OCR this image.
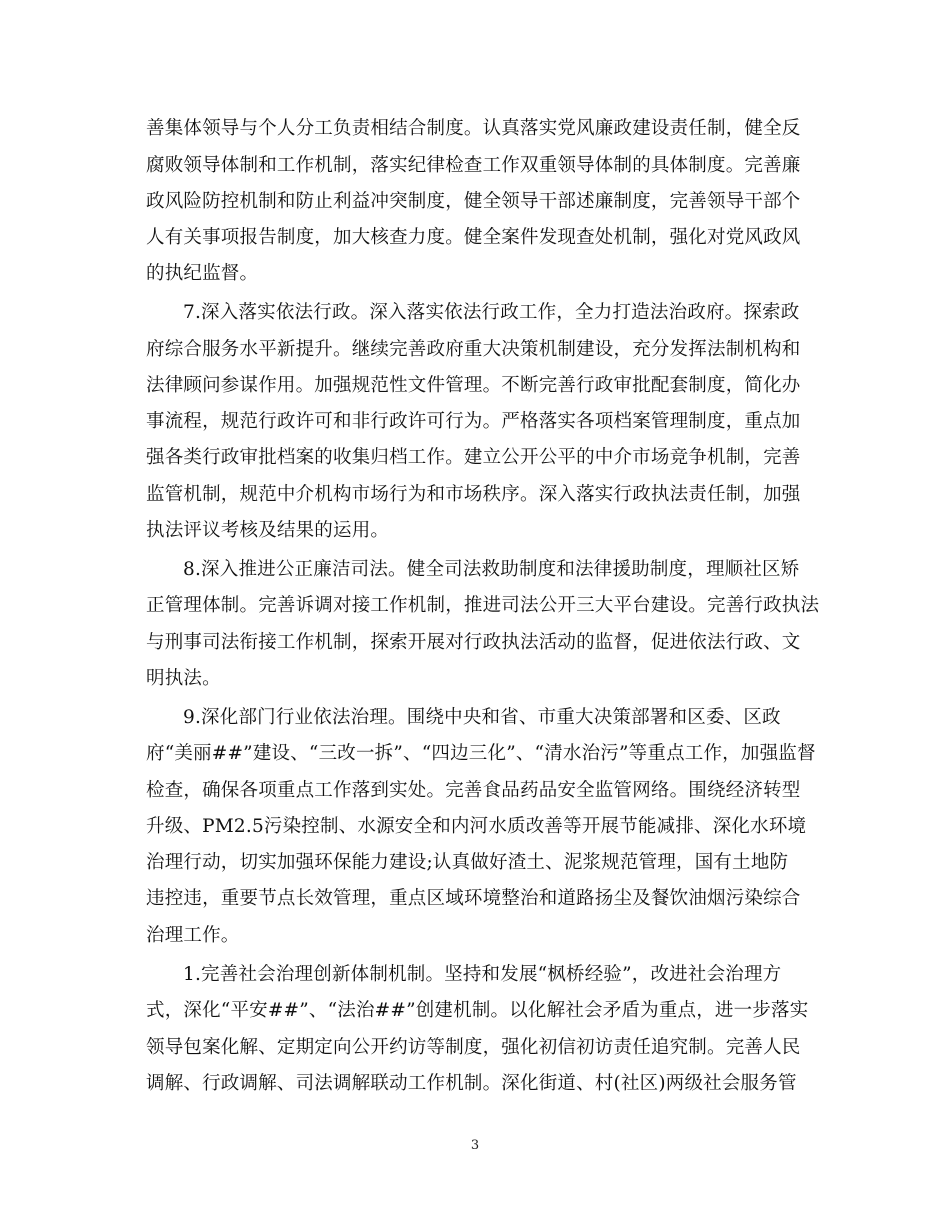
善集体领导与个人分工负责相结合制度。认真落实党风廉政建设责任制，健全反
腐败领导体制和工作机制，落实纪律检查工作双重领导体制的具体制度。完善廉
政风险防控机制和防止利益冲突制度，健全领导干部述廉制度，完善领导干部个
人有关事项报告制度，加大核查力度。健全案件发现查处机制，强化对党风政风
的执纪监督。
7.深入落实依法行政。深入落实依法行政工作，全力打造法治政府。探索政
府综合服务水平新提升。继续完善政府重大决策机制建设，充分发挥法制机构和
法律顾问参谋作用。加强规范性文件管理。不断完善行政审批配套制度，简化办
事流程，规范行政许可和非行政许可行为。严格落实各项档案管理制度，重点加
强各类行政审批档案的收集归档工作。建立公开公平的中介市场竞争机制，完善
监管机制，规范中介机构市场行为和市场秩序。深入落实行政执法责任制，加强
执法评议考核及结果的运用。
8.深入推进公正廉洁司法。健全司法救助制度和法律援助制度，理顺社区矫
正管理体制。完善诉调对接工作机制，推进司法公开三大平台建设。完善行政执法
与刑事司法衔接工作机制，探索开展对行政执法活动的监督，促进依法行政、文
明执法。
9.深化部门行业依法治理。围绕中央和省、市重大决策部署和区委、区政
府“美丽##”建设、“三改一拆”、“四边三化”、“清水治污”等重点工作，加强监督
检查，确保各项重点工作落到实处。完善食品药品安全监管网络。围绕经济转型
升级、PM2.5污染控制、水源安全和内河水质改善等开展节能减排、深化水环境
治理行动，切实加强环保能力建设;认真做好渣土、泥浆规范管理，国有土地防
违控违，重要节点长效管理，重点区域环境整治和道路扬尘及餐饮油烟污染综合
治理工作。
1.完善社会治理创新体制机制。坚持和发展“枫桥经验”，改进社会治理方
式，深化“平安##”、“法治##”创建机制。以化解社会矛盾为重点，进一步落实
领导包案化解、定期定向公开约访等制度，强化初信初访责任追究制。完善人民
调解、行政调解、司法调解联动工作机制。深化街道、村(社区)两级社会服务管
3
